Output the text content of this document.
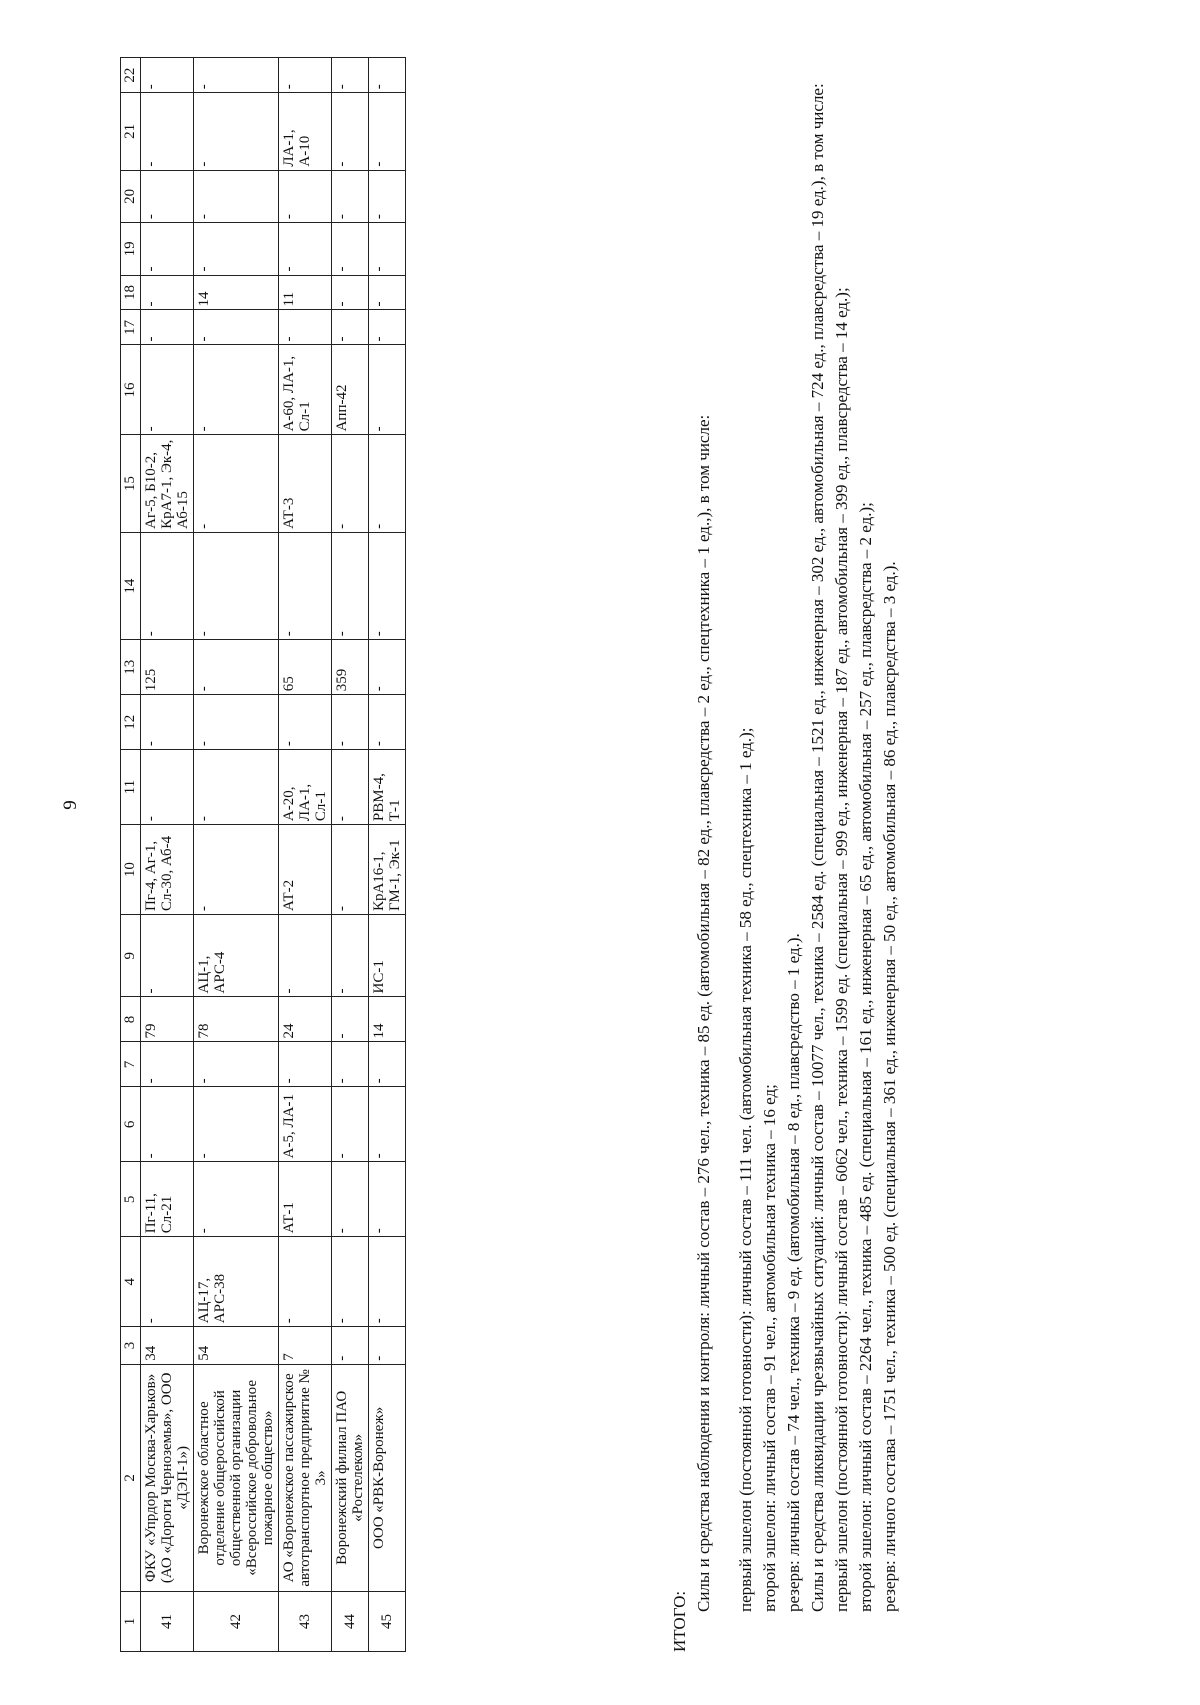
9
1	2	3	4	5	6	7	8	9	10	11	12	13	14	15	16	17	18	19	20	21	22
41	ФКУ «Упрдор Москва-Харьков» (АО «Дороги Черноземья», ООО «ДЭП-1»)	34	-	Пг-11, Сл-21	-	-	79	-	Пг-4, Аг-1, Сл-30, Аб-4	-	-	125	-	Аг-5, Б10-2, КрА7-1, Эк-4, Аб-15	-	-	-	-	-	-	-
42	Воронежское областное отделение общероссийской общественной организации «Всероссийское добровольное пожарное общество»	54	АЦ-17, АРС-38	-	-	-	78	АЦ-1, АРС-4	-	-	-	-	-	-	-	-	14	-	-	-	-
43	АО «Воронежское пассажирское автотранспортное предприятие № 3»	7	-	АТ-1	А-5, ЛА-1	-	24	-	АТ-2	А-20, ЛА-1, Сл-1	-	65	-	АТ-3	А-60, ЛА-1, Сл-1	-	11	-	-	ЛА-1, А-10	-
44	Воронежский филиал ПАО «Ростелеком»	-	-	-	-	-	-	-	-	-	-	359	-	-	Апп-42	-	-	-	-	-	-
45	ООО «РВК-Воронеж»	-	-	-	-	-	14	ИС-1	КрА16-1, ГМ-1, Эк-1	РВМ-4, Т-1	-	-	-	-	-	-	-	-	-	-	-

ИТОГО:

Силы и средства наблюдения и контроля: личный состав – 276 чел., техника – 85 ед. (автомобильная – 82 ед., плавсредства – 2 ед., спецтехника – 1 ед.,), в том числе: первый эшелон (постоянной готовности): личный состав – 111 чел. (автомобильная техника – 58 ед., спецтехника – 1 ед.); второй эшелон: личный состав – 91 чел., автомобильная техника – 16 ед; резерв: личный состав – 74 чел., техника – 9 ед. (автомобильная – 8 ед., плавсредство – 1 ед.). Силы и средства ликвидации чрезвычайных ситуаций: личный состав – 10077 чел., техника – 2584 ед. (специальная – 1521 ед., инженерная – 302 ед., автомобильная – 724 ед., плавсредства – 19 ед.), в том числе: первый эшелон (постоянной готовности): личный состав – 6062 чел., техника – 1599 ед. (специальная – 999 ед., инженерная – 187 ед., автомобильная – 399 ед., плавсредства – 14 ед.); второй эшелон: личный состав – 2264 чел., техника – 485 ед. (специальная – 161 ед., инженерная – 65 ед., автомобильная – 257 ед., плавсредства – 2 ед.); резерв: личного состава – 1751 чел., техника – 500 ед. (специальная – 361 ед., инженерная – 50 ед., автомобильная – 86 ед., плавсредства – 3 ед.).
